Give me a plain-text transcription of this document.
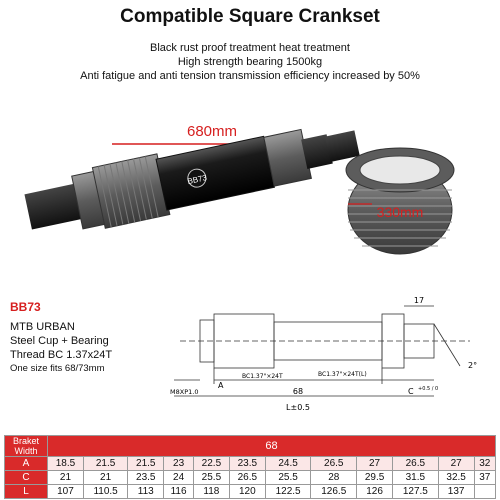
Compatible Square Crankset
Black rust proof treatment heat treatment
High strength bearing 1500kg
Anti fatigue and anti tension transmission efficiency increased by 50%
680mm
BB73
330mm
BB73
MTB URBAN
Steel Cup + Bearing
Thread BC 1.37x24T
One size fits 68/73mm
17
2°
BC1.37"×24T	BC1.37"×24T(L)
68
A
C +0.5 / 0
L±0.5
M8XP1.0
Braket Width	68											
A	18.5	21.5	21.5	23	22.5	23.5	24.5	26.5	27	26.5	27	32
C	21	21	23.5	24	25.5	26.5	25.5	28	29.5	31.5	32.5	37
L	107	110.5	113	116	118	120	122.5	126.5	126	127.5	137	
